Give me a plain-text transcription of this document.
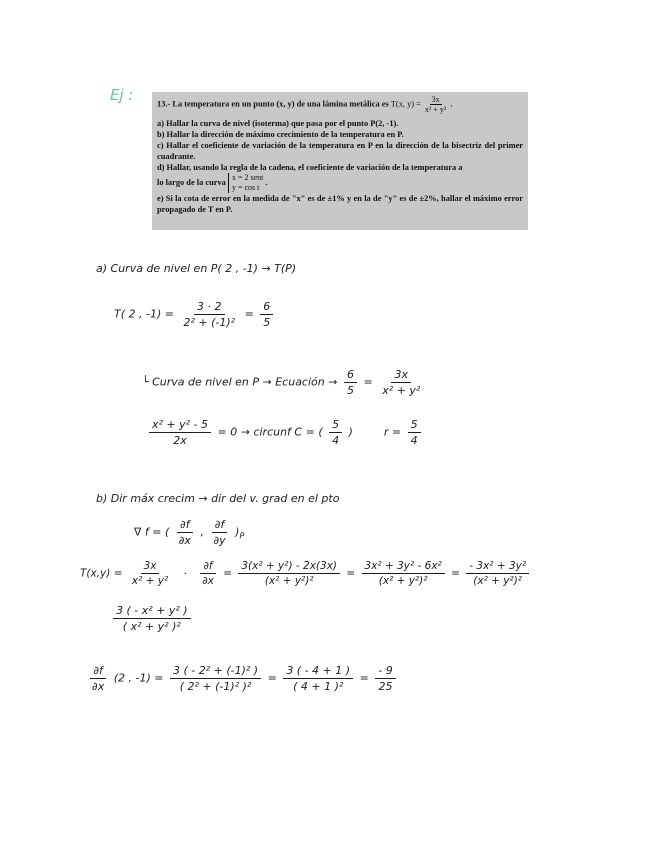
Ej :	13.- La temperatura en un punto (x, y) de una lámina metálica es T(x, $y) = \frac{3x}{\text{x² + y²}}$ .

a) Hallar la curva de nivel (isoterma) que pasa por el punto P(2, -1).

b) Hallar la dirección de máximo crecimiento de la temperatura en P.

c) Hallar el coeficiente de variación de la temperatura en P en la dirección de la bisectriz del primer cuadrante.

d) Hallar, usando la regla de la cadena, el coeficiente de variación de la temperatura a

lo largo de la curva
x = 2 sent
y = cos t
.

e) Si la cota de error en la medida de "x" es de ±1% y en la de "y" es de ±2%, hallar el máximo error propagado de T en P.

a) Curva de nivel en P( 2 , -1) → T(P)
T( 2 , $-1) = \frac{3 \cdot 2}{\text{2² + (-1)²}} = \frac{6}{5}$
└ Curva de nivel en P → Ecuación → $\frac{6}{5} = \frac{3x}{\text{x² + y²}}$
$\frac{\text{x² + y² - 5}}{2x} = 0$ → circunf C = ( $\frac{5}{4}$ )	$r = \frac{5}{4}$
b) Dir máx crecim → dir del v. grad en el pto
∇ f = ( $\frac{\partial f}{\partial x}$ , $\frac{\partial f}{\partial y} )_P$
$T(x,y) = \frac{3x}{\text{x² + y²}} \cdot \frac{\partial f}{\partial x} = \frac{\text{3(x² + y²) - 2x(3x)}}{\text{(x² + y²)²}} = \frac{\text{3x² + 3y² - 6x²}}{\text{(x² + y²)²}} = \frac{\text{- 3x² + 3y²}}{\text{(x² + y²)²}}$
$\frac{\text{3 ( - x² + y² )}}{\text{( x² + y² )²}}$
$\frac{\partial f}{\partial x} (2$ , $-1) = \frac{\text{3 ( - 2² + (-1)² )}}{\text{( 2² + (-1)² )²}} = \frac{3 ( - 4 + 1 )}{\text{( 4 + 1 )²}} = \frac{- 9}{25}$
